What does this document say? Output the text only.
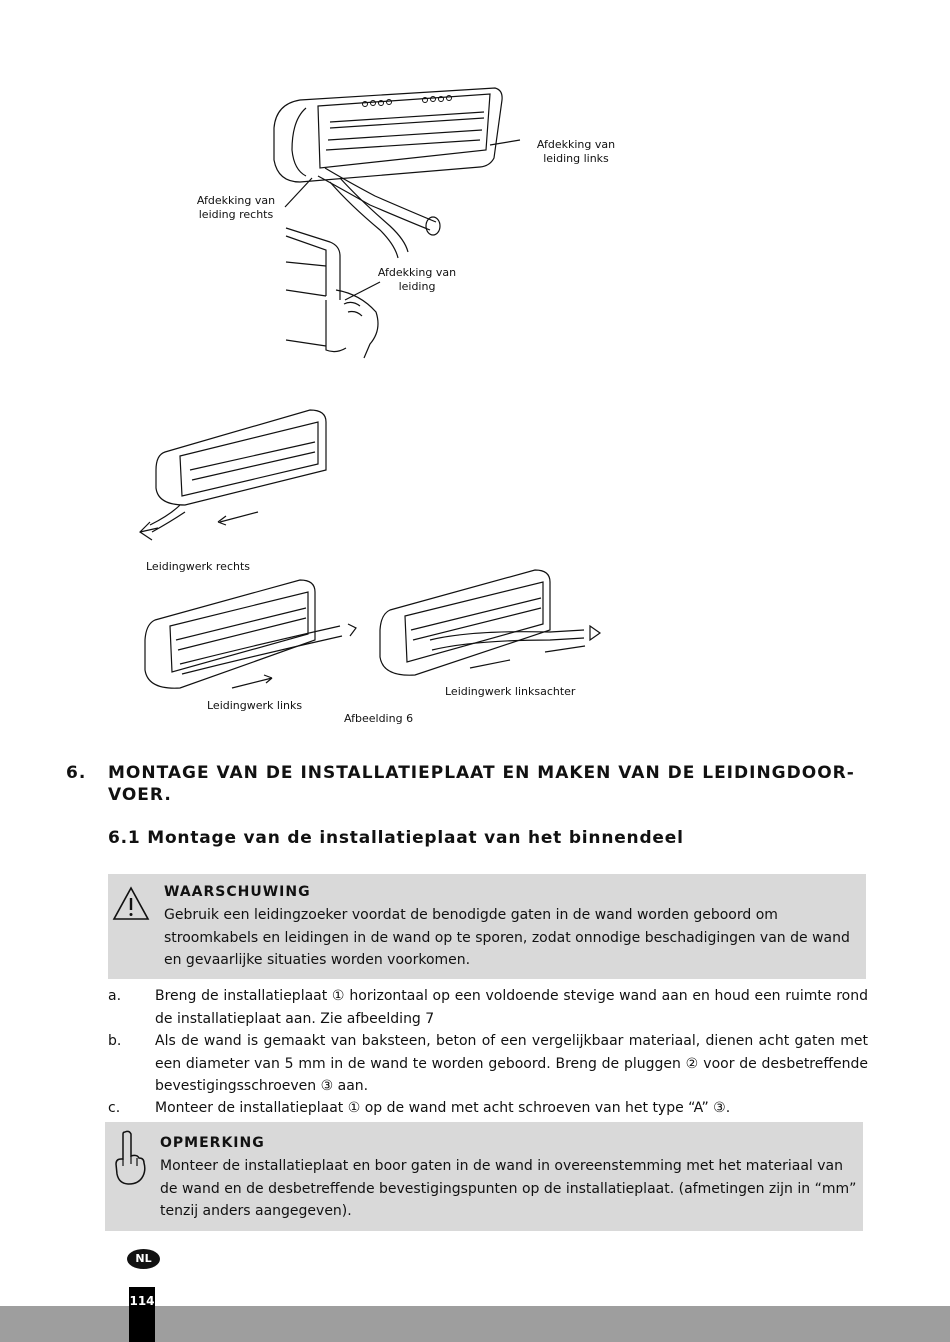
Afdekking van leiding links
Afdekking van leiding rechts
Afdekking van leiding
Leidingwerk rechts
Leidingwerk links
Leidingwerk linksachter
Afbeelding 6
6. MONTAGE VAN DE INSTALLATIEPLAAT EN MAKEN VAN DE LEIDINGDOOR-VOER.
6.1 Montage van de installatieplaat van het binnendeel
WAARSCHUWING
Gebruik een leidingzoeker voordat de benodigde gaten in de wand worden geboord om stroomkabels en leidingen in de wand op te sporen, zodat onnodige beschadigingen van de wand en gevaarlijke situaties worden voorkomen.
a. Breng de installatieplaat ① horizontaal op een voldoende stevige wand aan en houd een ruimte rond de installatieplaat aan. Zie afbeelding 7
b. Als de wand is gemaakt van baksteen, beton of een vergelijkbaar materiaal, dienen acht gaten met een diameter van 5 mm in de wand te worden geboord. Breng de pluggen ② voor de desbetreffende bevestigingsschroeven ③ aan.
c. Monteer de installatieplaat ① op de wand met acht schroeven van het type “A” ③.
OPMERKING
Monteer de installatieplaat en boor gaten in de wand in overeenstemming met het materiaal van de wand en de desbetreffende bevestigingspunten op de installatieplaat. (afmetingen zijn in “mm” tenzij anders aangegeven).
NL
114
